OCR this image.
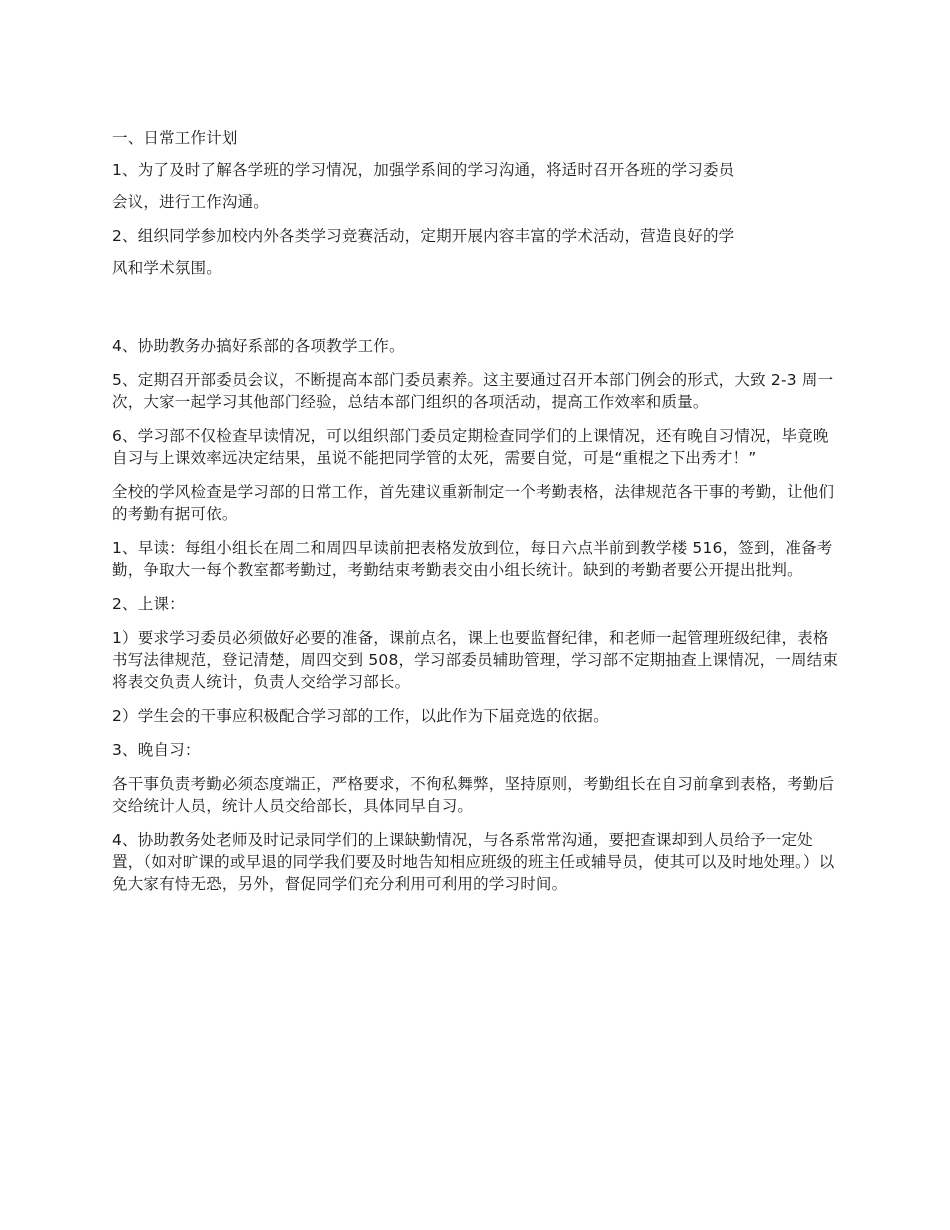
一、日常工作计划

1、为了及时了解各学班的学习情况，加强学系间的学习沟通，将适时召开各班的学习委员

会议，进行工作沟通。

2、组织同学参加校内外各类学习竞赛活动，定期开展内容丰富的学术活动，营造良好的学

风和学术氛围。

4、协助教务办搞好系部的各项教学工作。

5、定期召开部委员会议，不断提高本部门委员素养。这主要通过召开本部门例会的形式，大致 2-3 周一次，大家一起学习其他部门经验，总结本部门组织的各项活动，提高工作效率和质量。

6、学习部不仅检查早读情况，可以组织部门委员定期检查同学们的上课情况，还有晚自习情况，毕竟晚自习与上课效率远决定结果，虽说不能把同学管的太死，需要自觉，可是“重棍之下出秀才！”

全校的学风检查是学习部的日常工作，首先建议重新制定一个考勤表格，法律规范各干事的考勤，让他们的考勤有据可依。

1、早读：每组小组长在周二和周四早读前把表格发放到位，每日六点半前到教学楼 516，签到，准备考勤，争取大一每个教室都考勤过，考勤结束考勤表交由小组长统计。缺到的考勤者要公开提出批判。

2、上课：

1）要求学习委员必须做好必要的准备，课前点名，课上也要监督纪律，和老师一起管理班级纪律，表格书写法律规范，登记清楚，周四交到 508，学习部委员辅助管理，学习部不定期抽查上课情况，一周结束将表交负责人统计，负责人交给学习部长。

2）学生会的干事应积极配合学习部的工作，以此作为下届竞选的依据。

3、晚自习：

各干事负责考勤必须态度端正，严格要求，不徇私舞弊，坚持原则，考勤组长在自习前拿到表格，考勤后交给统计人员，统计人员交给部长，具体同早自习。

4、协助教务处老师及时记录同学们的上课缺勤情况，与各系常常沟通，要把查课却到人员给予一定处置，（如对旷课的或早退的同学我们要及时地告知相应班级的班主任或辅导员，使其可以及时地处理。）以免大家有恃无恐，另外，督促同学们充分利用可利用的学习时间。
